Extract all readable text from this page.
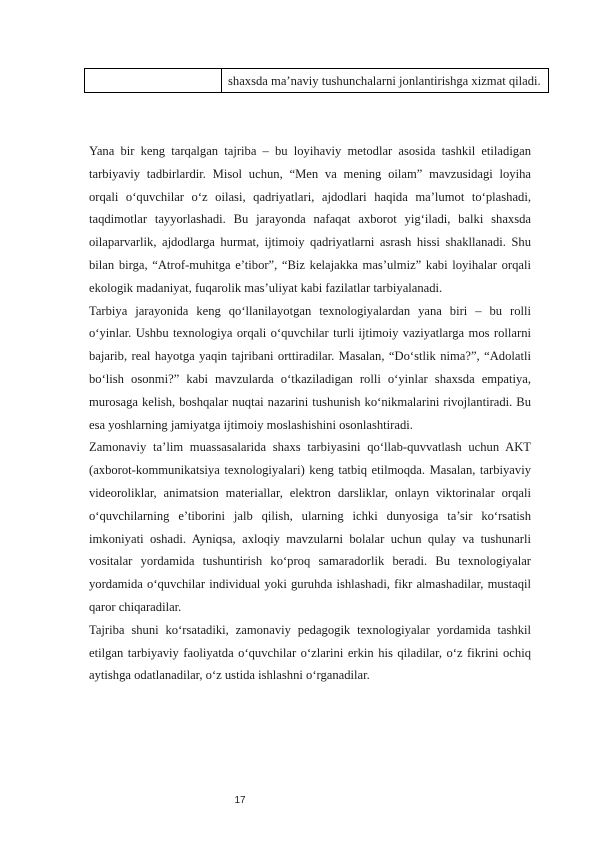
	shaxsda ma’naviy tushunchalarni jonlantirishga xizmat qiladi.

Yana bir keng tarqalgan tajriba – bu loyihaviy metodlar asosida tashkil etiladigan tarbiyaviy tadbirlardir. Misol uchun, “Men va mening oilam” mavzusidagi loyiha orqali o‘quvchilar o‘z oilasi, qadriyatlari, ajdodlari haqida ma’lumot to‘plashadi, taqdimotlar tayyorlashadi. Bu jarayonda nafaqat axborot yig‘iladi, balki shaxsda oilaparvarlik, ajdodlarga hurmat, ijtimoiy qadriyatlarni asrash hissi shakllanadi. Shu bilan birga, “Atrof-muhitga e’tibor”, “Biz kelajakka mas’ulmiz” kabi loyihalar orqali ekologik madaniyat, fuqarolik mas’uliyat kabi fazilatlar tarbiyalanadi.

Tarbiya jarayonida keng qo‘llanilayotgan texnologiyalardan yana biri – bu rolli o‘yinlar. Ushbu texnologiya orqali o‘quvchilar turli ijtimoiy vaziyatlarga mos rollarni bajarib, real hayotga yaqin tajribani orttiradilar. Masalan, “Do‘stlik nima?”, “Adolatli bo‘lish osonmi?” kabi mavzularda o‘tkaziladigan rolli o‘yinlar shaxsda empatiya, murosaga kelish, boshqalar nuqtai nazarini tushunish ko‘nikmalarini rivojlantiradi. Bu esa yoshlarning jamiyatga ijtimoiy moslashishini osonlashtiradi.

Zamonaviy ta’lim muassasalarida shaxs tarbiyasini qo‘llab-quvvatlash uchun AKT (axborot-kommunikatsiya texnologiyalari) keng tatbiq etilmoqda. Masalan, tarbiyaviy videoroliklar, animatsion materiallar, elektron darsliklar, onlayn viktorinalar orqali o‘quvchilarning e’tiborini jalb qilish, ularning ichki dunyosiga ta’sir ko‘rsatish imkoniyati oshadi. Ayniqsa, axloqiy mavzularni bolalar uchun qulay va tushunarli vositalar yordamida tushuntirish ko‘proq samaradorlik beradi. Bu texnologiyalar yordamida o‘quvchilar individual yoki guruhda ishlashadi, fikr almashadilar, mustaqil qaror chiqaradilar.

Tajriba shuni ko‘rsatadiki, zamonaviy pedagogik texnologiyalar yordamida tashkil etilgan tarbiyaviy faoliyatda o‘quvchilar o‘zlarini erkin his qiladilar, o‘z fikrini ochiq aytishga odatlanadilar, o‘z ustida ishlashni o‘rganadilar.

17
